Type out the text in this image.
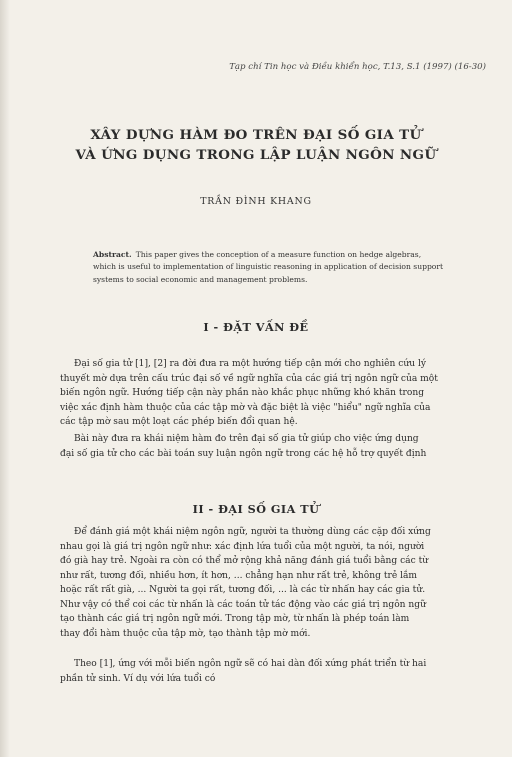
Tạp chí Tin học và Điều khiển học, T.13, S.1 (1997) (16-30)
XÂY DỰNG HÀM ĐO TRÊN ĐẠI SỐ GIA TỬ
VÀ ỨNG DỤNG TRONG LẬP LUẬN NGÔN NGỮ
TRẦN ĐÌNH KHANG
Abstract. This paper gives the conception of a measure function on hedge algebras,
which is useful to implementation of linguistic reasoning in application of decision support
systems to social economic and management problems.
I - ĐẶT VẤN ĐỀ
Đại số gia tử [1], [2] ra đời đưa ra một hướng tiếp cận mới cho nghiên cứu lý
thuyết mờ dựa trên cấu trúc đại số về ngữ nghĩa của các giá trị ngôn ngữ của một
biến ngôn ngữ. Hướng tiếp cận này phần nào khắc phục những khó khăn trong
việc xác định hàm thuộc của các tập mờ và đặc biệt là việc "hiểu" ngữ nghĩa của
các tập mờ sau một loạt các phép biến đổi quan hệ.
Bài này đưa ra khái niệm hàm đo trên đại số gia tử giúp cho việc ứng dụng
đại số gia tử cho các bài toán suy luận ngôn ngữ trong các hệ hỗ trợ quyết định
II - ĐẠI SỐ GIA TỬ
Để đánh giá một khái niệm ngôn ngữ, người ta thường dùng các cặp đối xứng
nhau gọi là giá trị ngôn ngữ như: xác định lứa tuổi của một người, ta nói, người
đó già hay trẻ. Ngoài ra còn có thể mở rộng khả năng đánh giá tuổi bằng các từ
như rất, tương đối, nhiều hơn, ít hơn, ... chẳng hạn như rất trẻ, không trẻ lắm
hoặc rất rất già, ... Người ta gọi rất, tương đối, ... là các từ nhấn hay các gia tử.
Như vậy có thể coi các từ nhấn là các toán tử tác động vào các giá trị ngôn ngữ
tạo thành các giá trị ngôn ngữ mới. Trong tập mờ, từ nhấn là phép toán làm
thay đổi hàm thuộc của tập mờ, tạo thành tập mờ mới.
Theo [1], ứng với mỗi biến ngôn ngữ sẽ có hai dàn đối xứng phát triển từ hai
phần tử sinh. Ví dụ với lứa tuổi có
